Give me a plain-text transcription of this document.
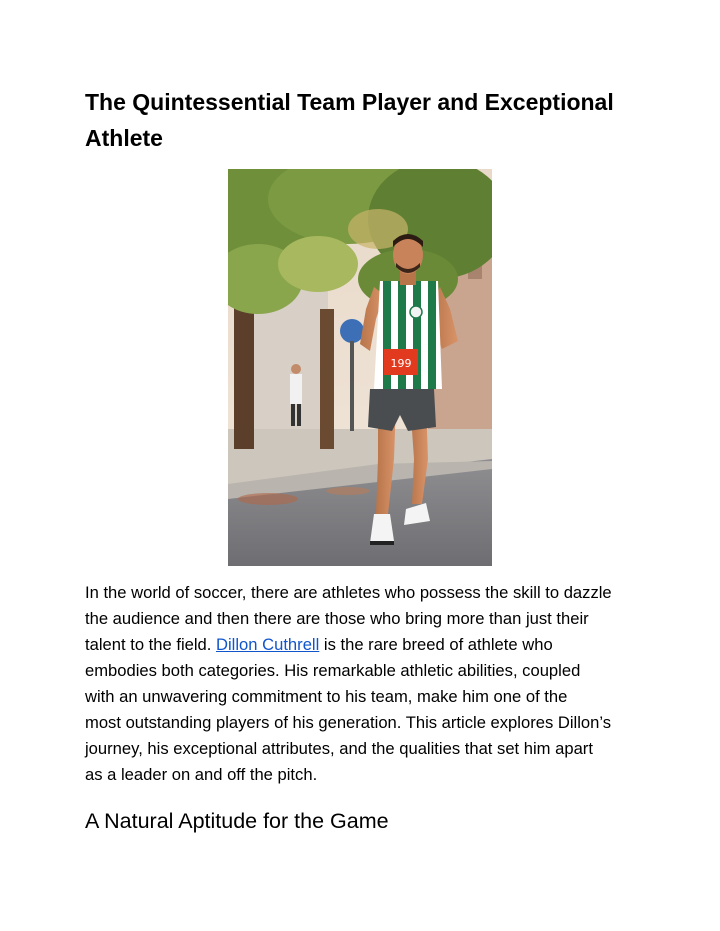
The Quintessential Team Player and Exceptional Athlete
199

In the world of soccer, there are athletes who possess the skill to dazzle
the audience and then there are those who bring more than just their
talent to the field. Dillon Cuthrell is the rare breed of athlete who
embodies both categories. His remarkable athletic abilities, coupled
with an unwavering commitment to his team, make him one of the
most outstanding players of his generation. This article explores Dillon’s
journey, his exceptional attributes, and the qualities that set him apart
as a leader on and off the pitch.

A Natural Aptitude for the Game
